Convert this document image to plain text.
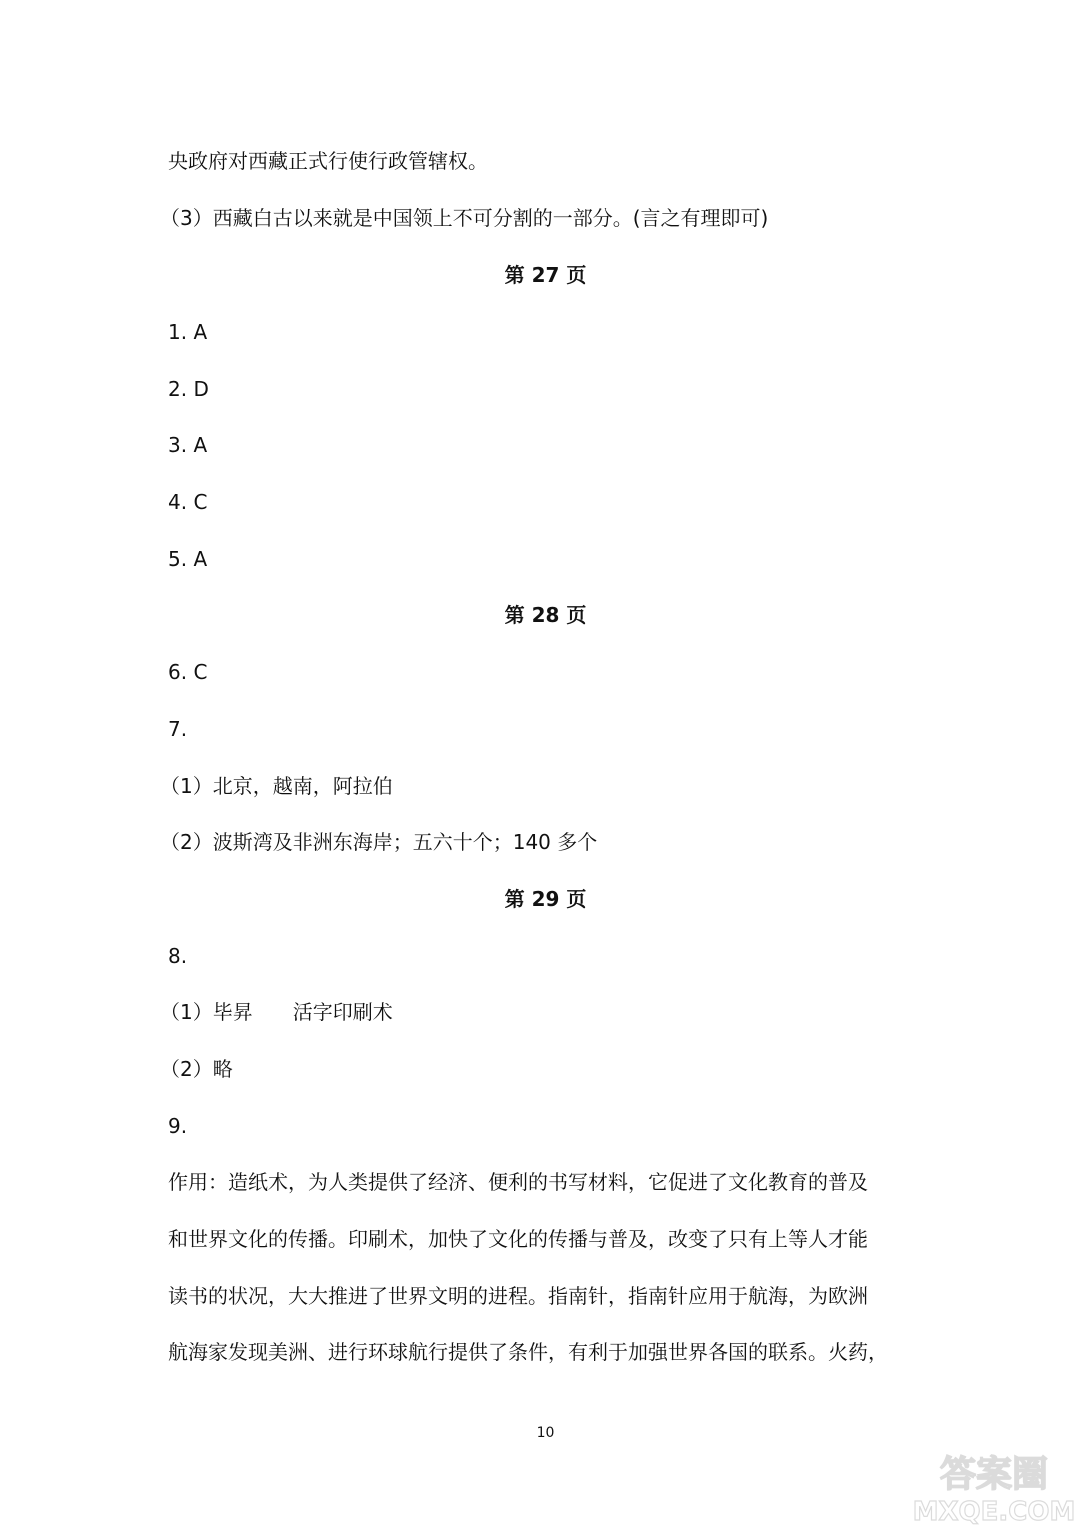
央政府对西藏正式行使行政管辖权。

（3）西藏白古以来就是中国领上不可分割的一部分。(言之有理即可)

第 27 页

1. A

2. D

3. A

4. C

5. A

第 28 页

6. C

7.

（1）北京，越南，阿拉伯

（2）波斯湾及非洲东海岸；五六十个；140 多个

第 29 页

8.

（1）毕昇　　活字印刷术

（2）略

9.

作用：造纸术，为人类提供了经济、便利的书写材料，它促进了文化教育的普及

和世界文化的传播。印刷术，加快了文化的传播与普及，改变了只有上等人才能

读书的状况，大大推进了世界文明的进程。指南针，指南针应用于航海，为欧洲

航海家发现美洲、进行环球航行提供了条件，有利于加强世界各国的联系。火药，

10
答案圈
MXQE.COM
